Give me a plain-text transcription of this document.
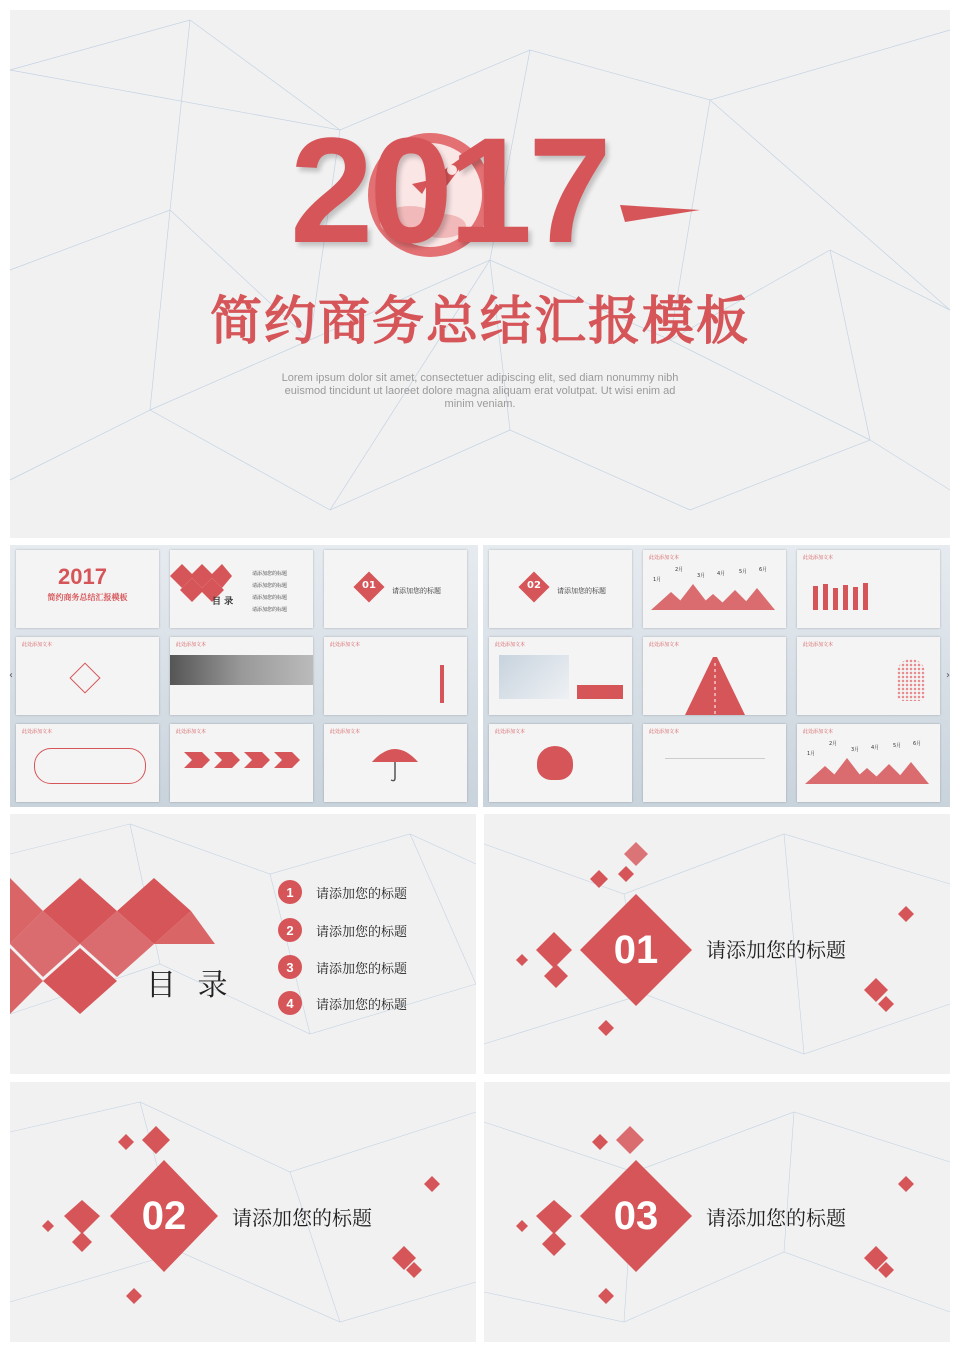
2017
简约商务总结汇报模板
Lorem ipsum dolor sit amet, consectetuer adipiscing elit, sed diam nonummy nibh
euismod tincidunt ut laoreet dolore magna aliquam erat volutpat. Ut wisi enim ad
minim veniam.
2017
简约商务总结汇报模板	目 录
请添加您的标题
请添加您的标题
请添加您的标题
请添加您的标题
01	请添加您的标题
此处添加文本	此处添加文本	此处添加文本
此处添加文本	此处添加文本	此处添加文本
‹
02	请添加您的标题
此处添加文本
1月
2月
3月 4月	5月 6月
此处添加文本
此处添加文本	此处添加文本	此处添加文本
此处添加文本	此处添加文本	此处添加文本
1月
2月
3月 4月	5月 6月
›
目 录
1	请添加您的标题
2	请添加您的标题
3	请添加您的标题
4	请添加您的标题
01	请添加您的标题
02	请添加您的标题	03	请添加您的标题
